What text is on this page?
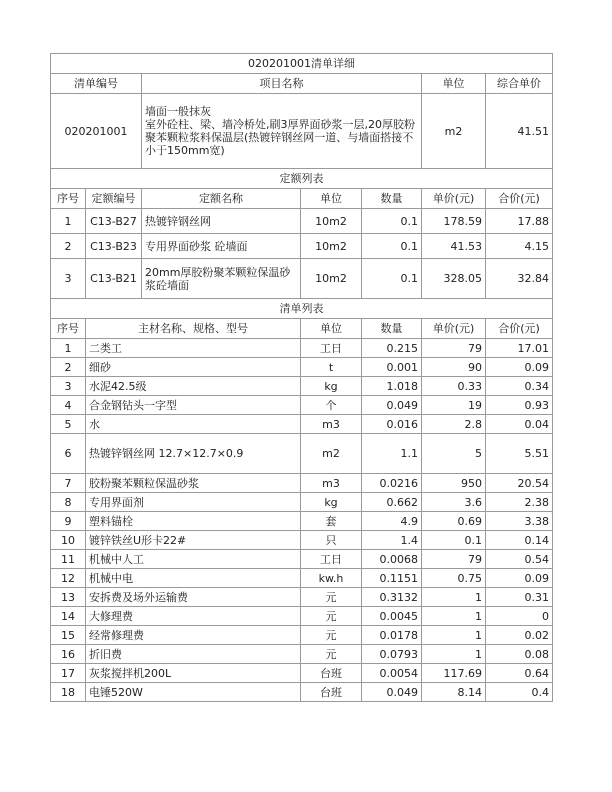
020201001清单详细						
清单编号		项目名称			单位	综合单价
020201001		墙面一般抹灰
室外砼柱、梁、墙冷桥处,刷3厚界面砂浆一层,20厚胶粉聚苯颗粒浆料保温层(热镀锌钢丝网一道、与墙面搭接不小于150mm宽)			m2	41.51
定额列表						
序号	定额编号	定额名称	单位	数量	单价(元)	合价(元)
1	C13-B27	热镀锌钢丝网	10m2	0.1	178.59	17.88
2	C13-B23	专用界面砂浆 砼墙面	10m2	0.1	41.53	4.15
3	C13-B21	20mm厚胶粉聚苯颗粒保温砂浆砼墙面	10m2	0.1	328.05	32.84
清单列表						
序号	主材名称、规格、型号		单位	数量	单价(元)	合价(元)
1	二类工		工日	0.215	79	17.01
2	细砂		t	0.001	90	0.09
3	水泥42.5级		kg	1.018	0.33	0.34
4	合金钢钻头一字型		个	0.049	19	0.93
5	水		m3	0.016	2.8	0.04
6	热镀锌钢丝网 12.7×12.7×0.9		m2	1.1	5	5.51
7	胶粉聚苯颗粒保温砂浆		m3	0.0216	950	20.54
8	专用界面剂		kg	0.662	3.6	2.38
9	塑料锚栓		套	4.9	0.69	3.38
10	镀锌铁丝U形卡22#		只	1.4	0.1	0.14
11	机械中人工		工日	0.0068	79	0.54
12	机械中电		kw.h	0.1151	0.75	0.09
13	安拆费及场外运输费		元	0.3132	1	0.31
14	大修理费		元	0.0045	1	0
15	经常修理费		元	0.0178	1	0.02
16	折旧费		元	0.0793	1	0.08
17	灰浆搅拌机200L		台班	0.0054	117.69	0.64
18	电锤520W		台班	0.049	8.14	0.4
